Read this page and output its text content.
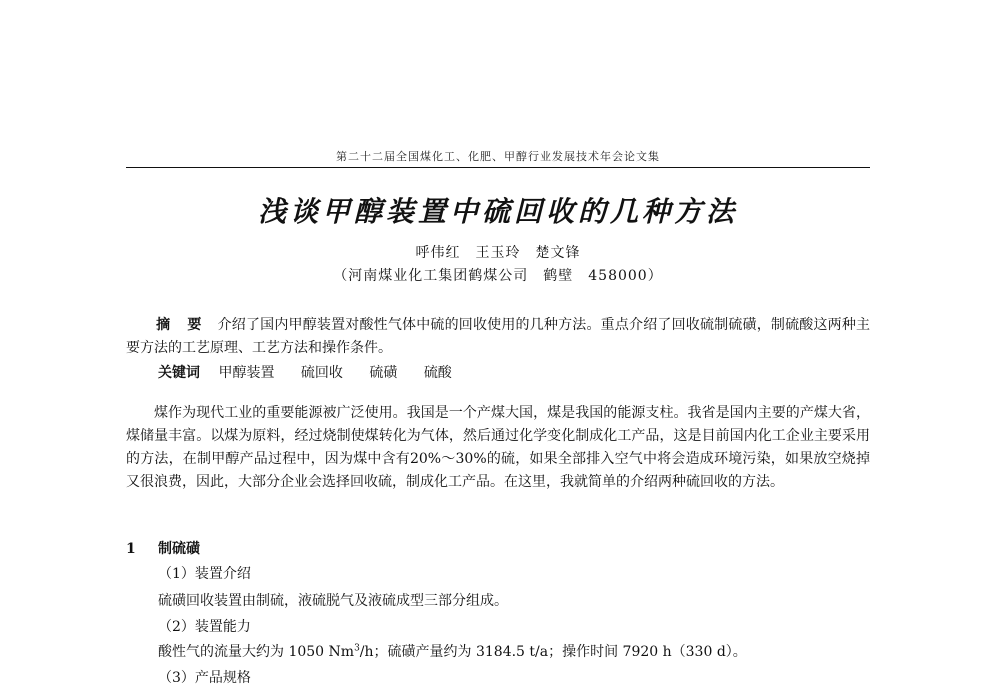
第二十二届全国煤化工、化肥、甲醇行业发展技术年会论文集
浅谈甲醇装置中硫回收的几种方法
呼伟红　王玉玲　楚文锋
（河南煤业化工集团鹤煤公司　鹤壁　458000）
摘 要 介绍了国内甲醇装置对酸性气体中硫的回收使用的几种方法。重点介绍了回收硫制硫磺，制硫酸这两种主要方法的工艺原理、工艺方法和操作条件。
关键词 甲醇装置 硫回收 硫磺 硫酸
煤作为现代工业的重要能源被广泛使用。我国是一个产煤大国，煤是我国的能源支柱。我省是国内主要的产煤大省，煤储量丰富。以煤为原料，经过烧制使煤转化为气体，然后通过化学变化制成化工产品，这是目前国内化工企业主要采用的方法，在制甲醇产品过程中，因为煤中含有20%～30%的硫，如果全部排入空气中将会造成环境污染，如果放空烧掉又很浪费，因此，大部分企业会选择回收硫，制成化工产品。在这里，我就简单的介绍两种硫回收的方法。
1 制硫磺
（1）装置介绍
硫磺回收装置由制硫，液硫脱气及液硫成型三部分组成。
（2）装置能力
酸性气的流量大约为 1050 Nm$^3$/h；硫磺产量约为 3184.5 t/a；操作时间 7920 h（330 d）。
（3）产品规格
